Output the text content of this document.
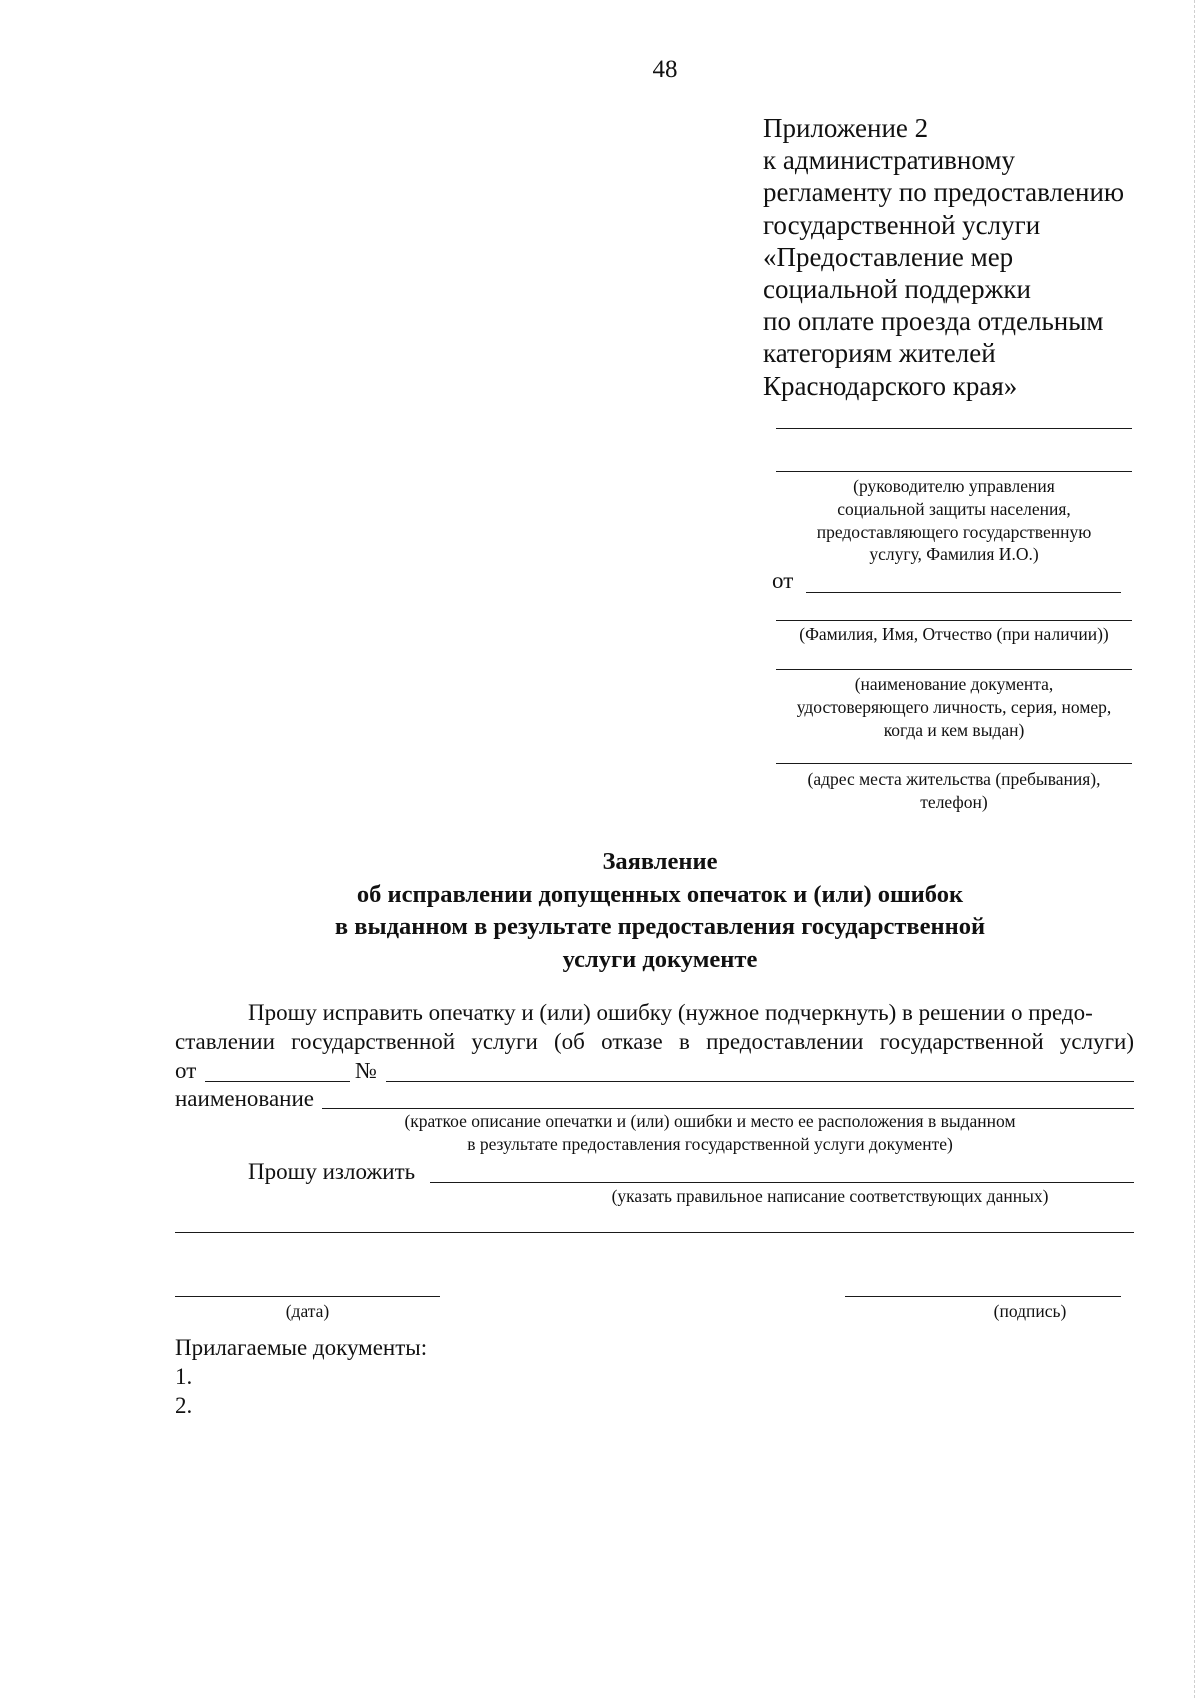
48
Приложение 2
к административному
регламенту по предоставлению
государственной услуги
«Предоставление мер
социальной поддержки
по оплате проезда отдельным
категориям жителей
Краснодарского края»
(руководителю управления
социальной защиты населения,
предоставляющего государственную
услугу, Фамилия И.О.)
от
(Фамилия, Имя, Отчество (при наличии))
(наименование документа,
удостоверяющего личность, серия, номер,
когда и кем выдан)
(адрес места жительства (пребывания),
телефон)
Заявление
об исправлении допущенных опечаток и (или) ошибок
в выданном в результате предоставления государственной
услуги документе
Прошу исправить опечатку и (или) ошибку (нужное подчеркнуть) в решении о предо-
ставлении государственной услуги (об отказе в предоставлении государственной услуги)
от	№
наименование
(краткое описание опечатки и (или) ошибки и место ее расположения в выданном
в результате предоставления государственной услуги документе)
Прошу изложить
(указать правильное написание соответствующих данных)
(дата)	(подпись)
Прилагаемые документы:
1.
2.
